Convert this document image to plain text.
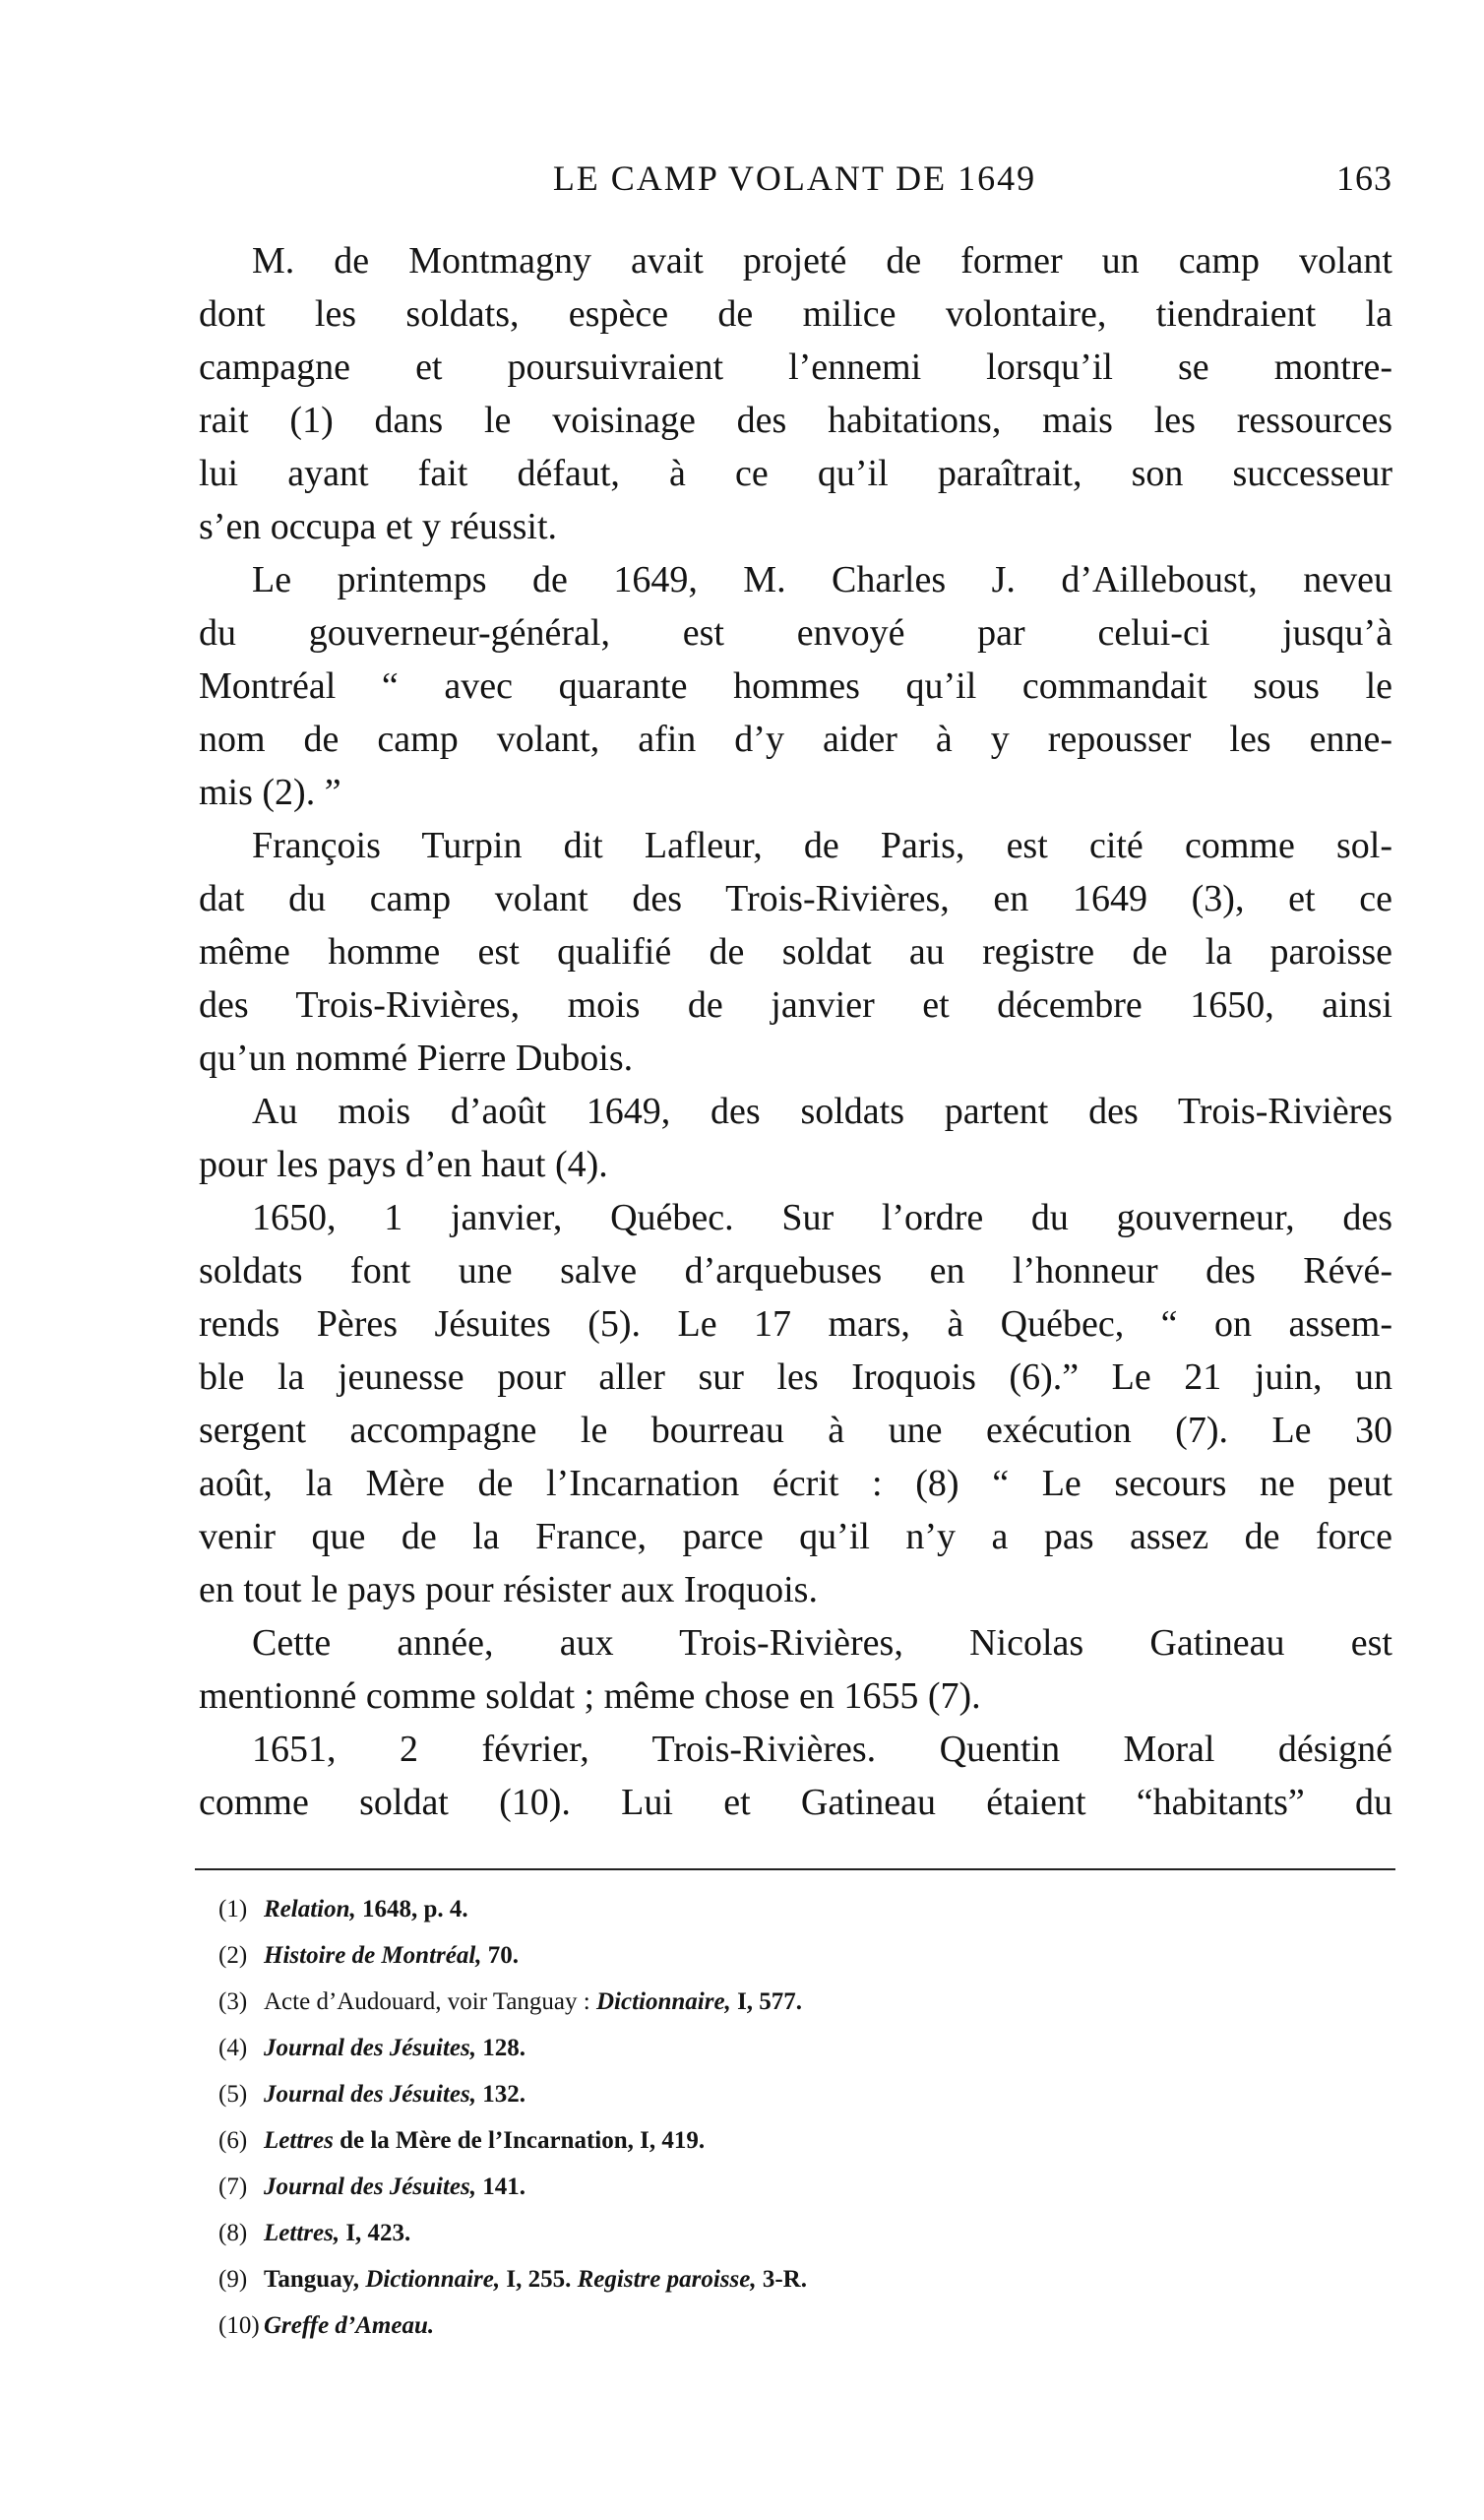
LE CAMP VOLANT DE 1649	163
M. de Montmagny avait projeté de former un camp volant
dont les soldats, espèce de milice volontaire, tiendraient la
campagne et poursuivraient l’ennemi lorsqu’il se montre-
rait (1) dans le voisinage des habitations, mais les ressources
lui ayant fait défaut, à ce qu’il paraîtrait, son successeur
s’en occupa et y réussit.
Le printemps de 1649, M. Charles J. d’Ailleboust, neveu
du gouverneur-général, est envoyé par celui-ci jusqu’à
Montréal “ avec quarante hommes qu’il commandait sous le
nom de camp volant, afin d’y aider à y repousser les enne-
mis (2). ”
François Turpin dit Lafleur, de Paris, est cité comme sol-
dat du camp volant des Trois-Rivières, en 1649 (3), et ce
même homme est qualifié de soldat au registre de la paroisse
des Trois-Rivières, mois de janvier et décembre 1650, ainsi
qu’un nommé Pierre Dubois.
Au mois d’août 1649, des soldats partent des Trois-Rivières
pour les pays d’en haut (4).
1650, 1 janvier, Québec. Sur l’ordre du gouverneur, des
soldats font une salve d’arquebuses en l’honneur des Révé-
rends Pères Jésuites (5). Le 17 mars, à Québec, “ on assem-
ble la jeunesse pour aller sur les Iroquois (6).” Le 21 juin, un
sergent accompagne le bourreau à une exécution (7). Le 30
août, la Mère de l’Incarnation écrit : (8) “ Le secours ne peut
venir que de la France, parce qu’il n’y a pas assez de force
en tout le pays pour résister aux Iroquois.
Cette année, aux Trois-Rivières, Nicolas Gatineau est
mentionné comme soldat ; même chose en 1655 (7).
1651, 2 février, Trois-Rivières. Quentin Moral désigné
comme soldat (10). Lui et Gatineau étaient “habitants” du
(1) Relation, 1648, p. 4.
(2) Histoire de Montréal, 70.
(3) Acte d’Audouard, voir Tanguay : Dictionnaire, I, 577.
(4) Journal des Jésuites, 128.
(5) Journal des Jésuites, 132.
(6) Lettres de la Mère de l’Incarnation, I, 419.
(7) Journal des Jésuites, 141.
(8) Lettres, I, 423.
(9) Tanguay, Dictionnaire, I, 255. Registre paroisse, 3-R.
(10) Greffe d’Ameau.
